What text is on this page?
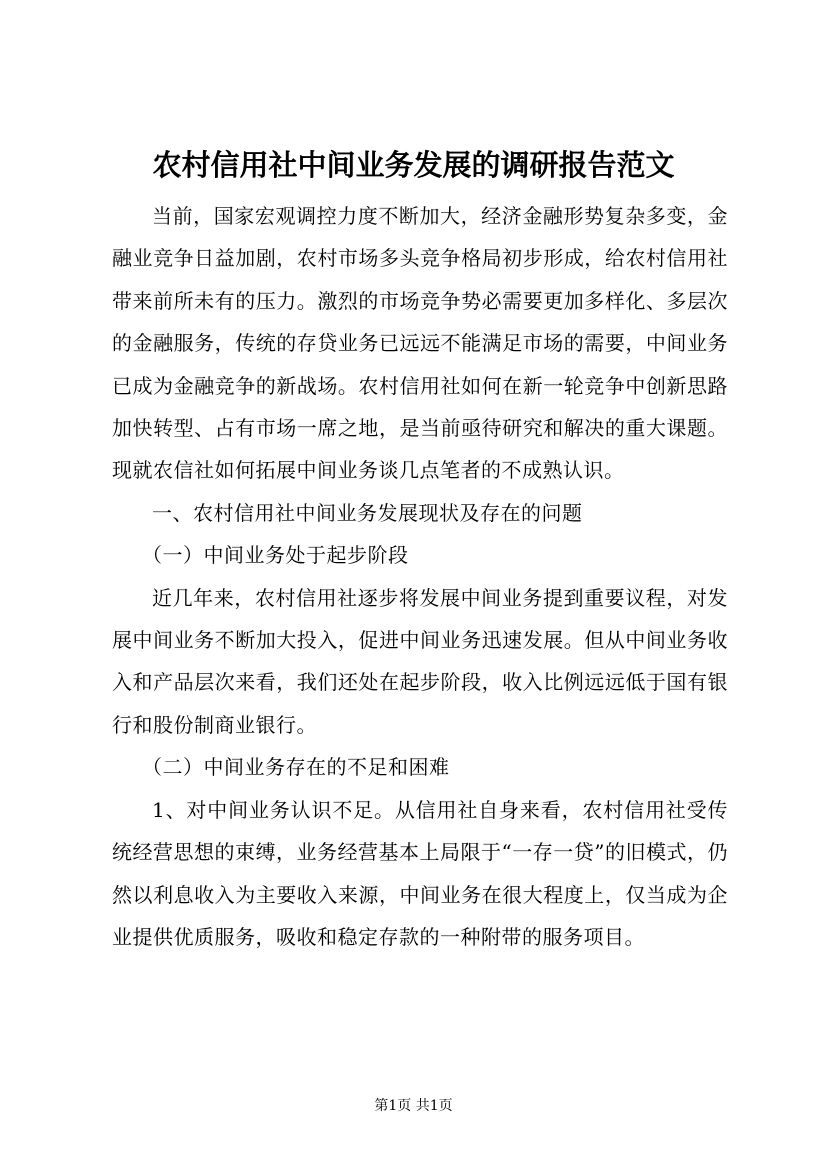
农村信用社中间业务发展的调研报告范文

当前，国家宏观调控力度不断加大，经济金融形势复杂多变，金融业竞争日益加剧，农村市场多头竞争格局初步形成，给农村信用社带来前所未有的压力。激烈的市场竞争势必需要更加多样化、多层次的金融服务，传统的存贷业务已远远不能满足市场的需要，中间业务已成为金融竞争的新战场。农村信用社如何在新一轮竞争中创新思路加快转型、占有市场一席之地，是当前亟待研究和解决的重大课题。现就农信社如何拓展中间业务谈几点笔者的不成熟认识。

一、农村信用社中间业务发展现状及存在的问题

（一）中间业务处于起步阶段

近几年来，农村信用社逐步将发展中间业务提到重要议程，对发展中间业务不断加大投入，促进中间业务迅速发展。但从中间业务收入和产品层次来看，我们还处在起步阶段，收入比例远远低于国有银行和股份制商业银行。

（二）中间业务存在的不足和困难

1、对中间业务认识不足。从信用社自身来看，农村信用社受传统经营思想的束缚，业务经营基本上局限于“一存一贷”的旧模式，仍然以利息收入为主要收入来源，中间业务在很大程度上，仅当成为企业提供优质服务，吸收和稳定存款的一种附带的服务项目。

第1页 共1页
